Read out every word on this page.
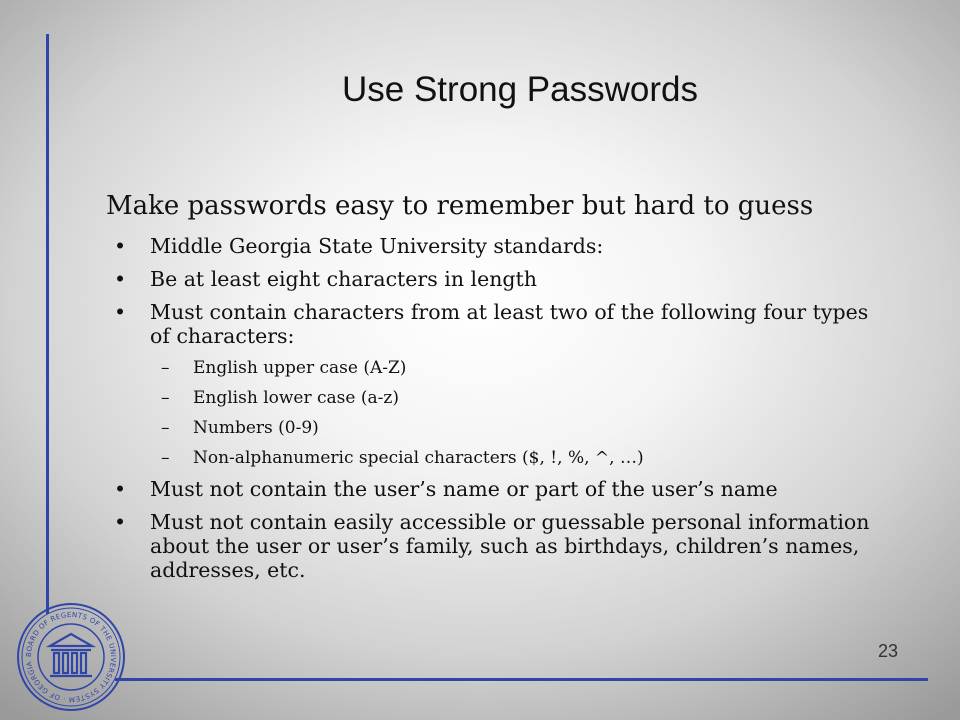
Use Strong Passwords
Make passwords easy to remember but hard to guess
• Middle Georgia State University standards:
• Be at least eight characters in length
• Must contain characters from at least two of the following four types of characters:
– English upper case (A-Z)
– English lower case (a-z)
– Numbers (0-9)
– Non-alphanumeric special characters ($, !, %, ^, …)
• Must not contain the user’s name or part of the user’s name
• Must not contain easily accessible or guessable personal information about the user or user’s family, such as birthdays, children’s names, addresses, etc.
BOARD OF REGENTS OF THE UNIVERSITY SYSTEM · OF GEORGIA
23
